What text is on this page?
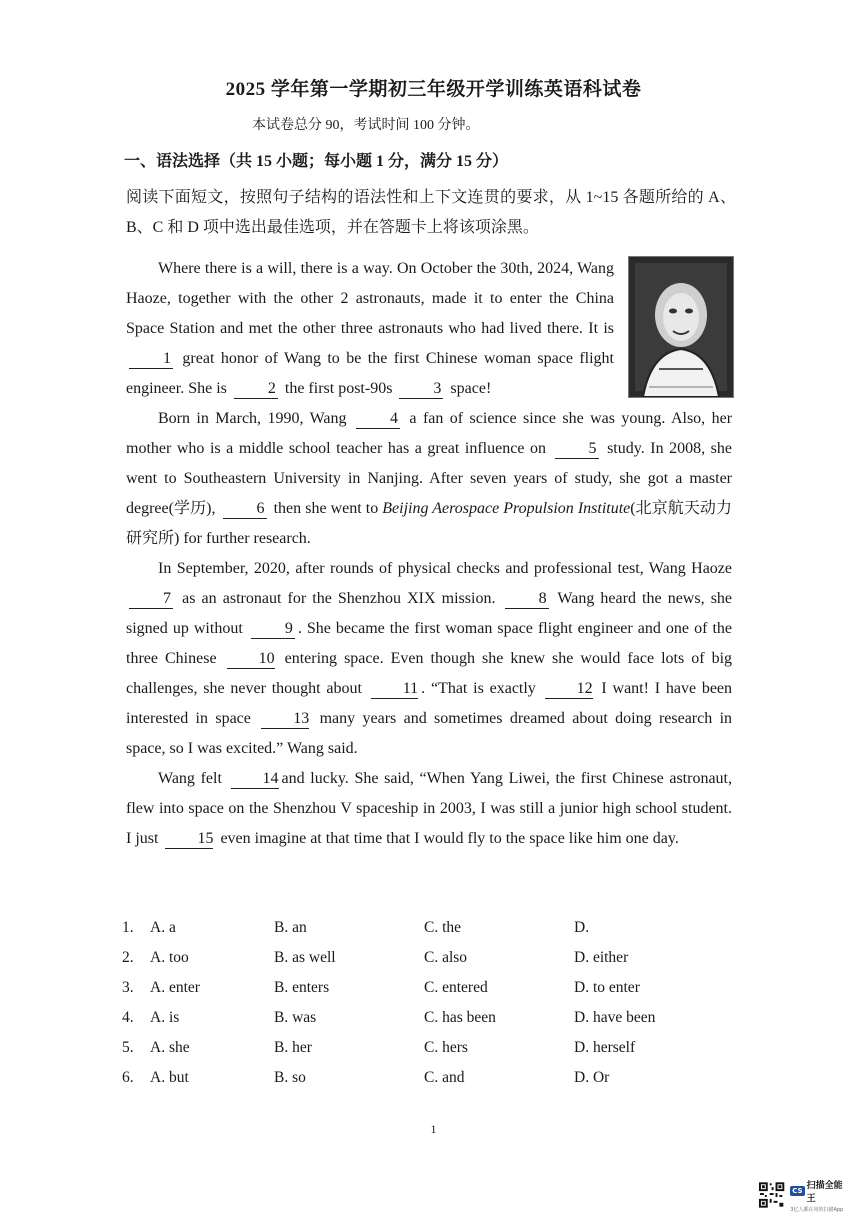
2025 学年第一学期初三年级开学训练英语科试卷
本试卷总分 90，考试时间 100 分钟。
一、语法选择（共 15 小题；每小题 1 分，满分 15 分）
阅读下面短文，按照句子结构的语法性和上下文连贯的要求，从 1~15 各题所给的 A、B、C 和 D 项中选出最佳选项，并在答题卡上将该项涂黑。

Where there is a will, there is a way. On October the 30th, 2024, Wang Haoze, together with the other 2 astronauts, made it to enter the China Space Station and met the other three astronauts who had lived there. It is 1 great honor of Wang to be the first Chinese woman space flight engineer. She is	2 the first post-90s	3 space!

Born in March, 1990, Wang	4 a fan of science since she was young. Also, her mother who is a middle school teacher has a great influence on	5 study. In 2008, she went to Southeastern University in Nanjing. After seven years of study, she got a master degree(学历),	6 then she went to Beijing Aerospace Propulsion Institute(北京航天动力研究所) for further research.

In September, 2020, after rounds of physical checks and professional test, Wang Haoze 7 as an astronaut for the Shenzhou XIX mission.	8 Wang heard the news, she signed up without	9 . She became the first woman space flight engineer and one of the three Chinese	10 entering space. Even though she knew she would face lots of big challenges, she never thought about	11 . “That is exactly	12 I want! I have been interested in space	13 many years and sometimes dreamed about doing research in space, so I was excited.” Wang said.

Wang felt	14 and lucky. She said, “When Yang Liwei, the first Chinese astronaut, flew into space on the Shenzhou V spaceship in 2003, I was still a junior high school student. I just 15 even imagine at that time that I would fly to the space like him one day.

1.	A. a	B. an	C. the	D.
2.	A. too	B. as well	C. also	D. either
3.	A. enter	B. enters	C. entered	D. to enter
4.	A. is	B. was	C. has been	D. have been
5.	A. she	B. her	C. hers	D. herself
6.	A. but	B. so	C. and	D. Or
1
CS 扫描全能王
3亿人都在用的扫描App
